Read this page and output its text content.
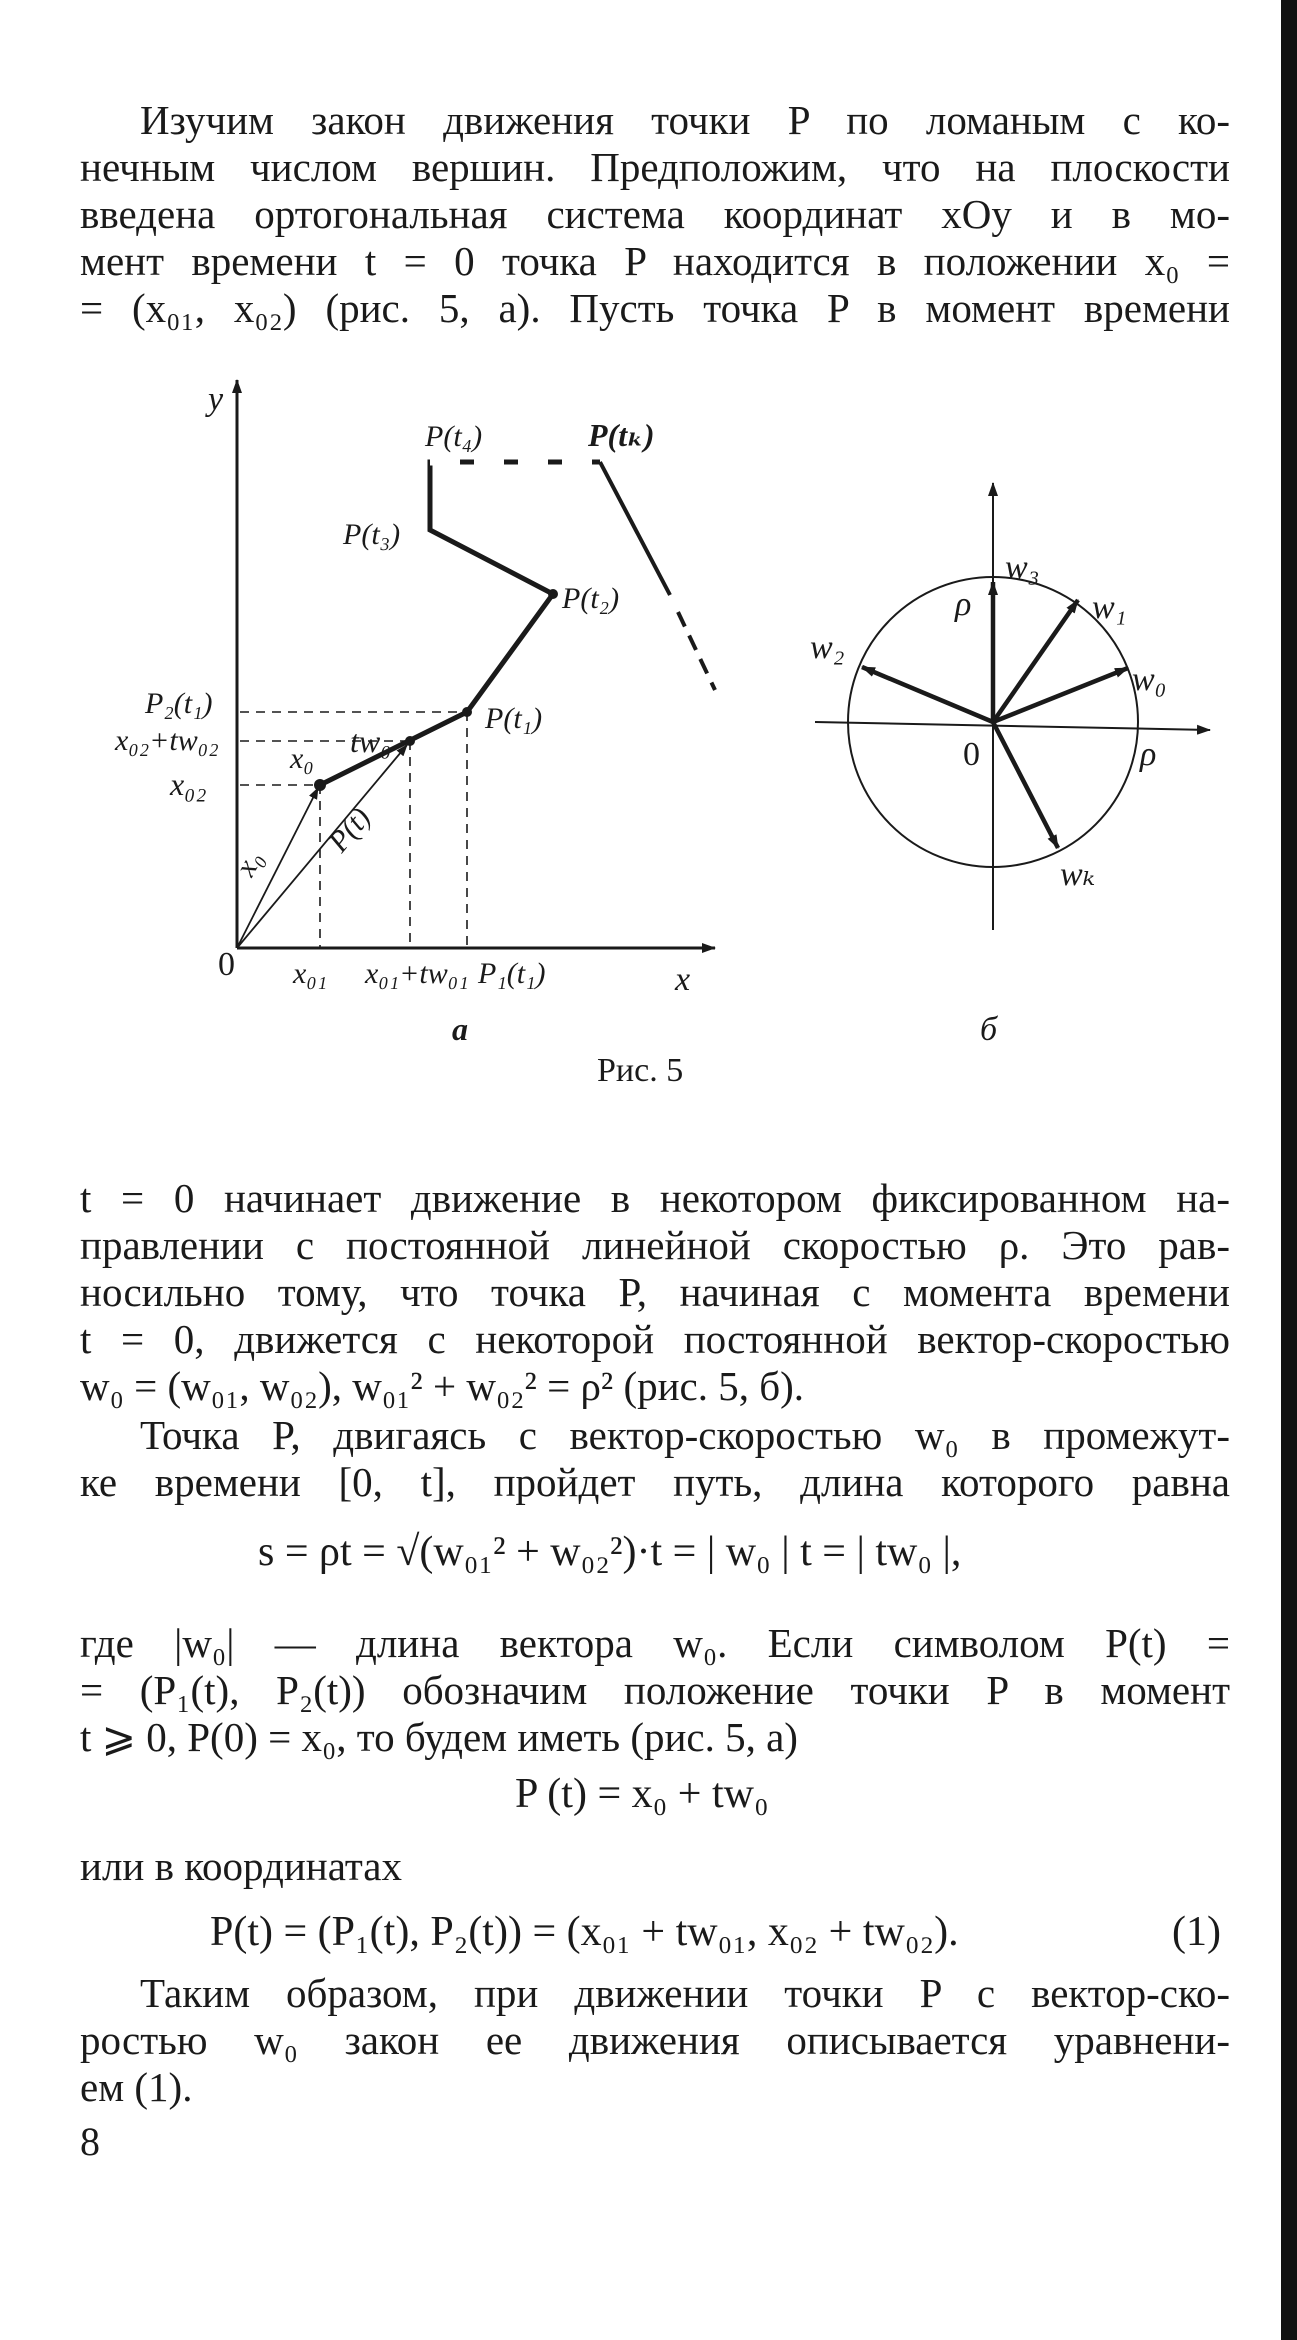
Изучим закон движения точки P по ломаным с ко-
нечным числом вершин. Предположим, что на плоскости
введена ортогональная система координат xOy и в мо-
мент времени t = 0 точка P находится в положении x₀ =
= (x₀₁, x₀₂) (рис. 5, a). Пусть точка P в момент времени
y
x
0
P(t₄)	P(tₖ)
P(t₃)
P(t₂)
P(t₁)
P₂(t₁)
x₀₂+tw₀₂
x₀₂
x₀ tw₀
P(t)
x₀
x₀₁ x₀₁+tw₀₁ P₁(t₁)
a
0
ρ
ρ
w₃
w₁
w₂
w₀
wₖ
б
Рис. 5
t = 0 начинает движение в некотором фиксированном на-
правлении с постоянной линейной скоростью ρ. Это рав-
носильно тому, что точка P, начиная с момента времени
t = 0, движется с некоторой постоянной вектор-скоростью
w₀ = (w₀₁, w₀₂), w₀₁² + w₀₂² = ρ² (рис. 5, б).
Точка P, двигаясь с вектор-скоростью w₀ в промежут-
ке времени [0, t], пройдет путь, длина которого равна
s = ρt = √(w₀₁² + w₀₂²)·t = | w₀ | t = | tw₀ |,
где |w₀| — длина вектора w₀. Если символом P(t) =
= (P₁(t), P₂(t)) обозначим положение точки P в момент
t ⩾ 0, P(0) = x₀, то будем иметь (рис. 5, a)
P (t) = x₀ + tw₀
или в координатах
P(t) = (P₁(t), P₂(t)) = (x₀₁ + tw₀₁, x₀₂ + tw₀₂).	(1)
Таким образом, при движении точки P с вектор-ско-
ростью w₀ закон ее движения описывается уравнени-
ем (1).
8
